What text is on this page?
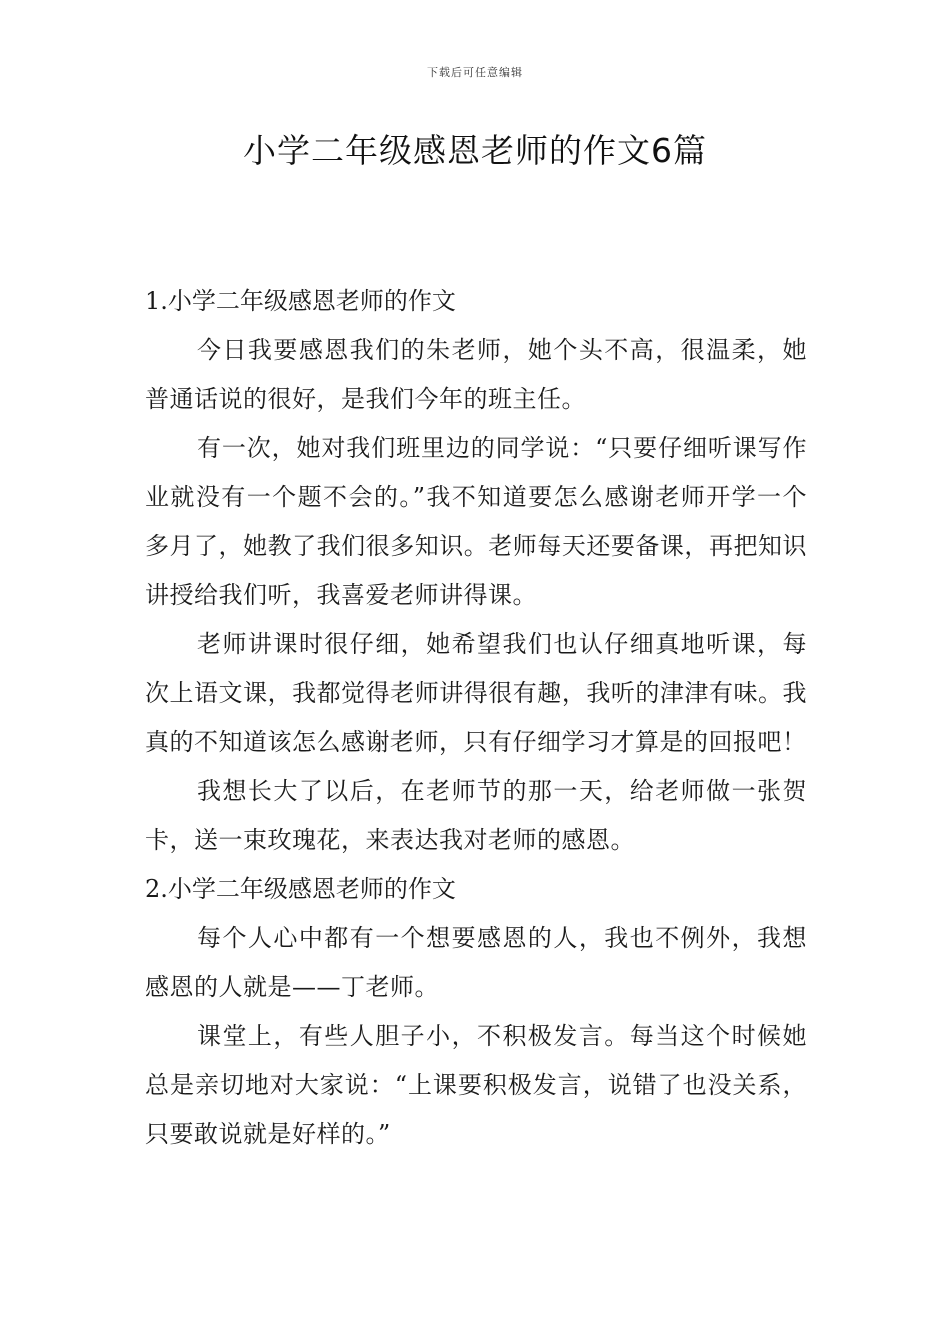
下载后可任意编辑
小学二年级感恩老师的作文6篇
1.小学二年级感恩老师的作文

今日我要感恩我们的朱老师，她个头不高，很温柔，她普通话说的很好，是我们今年的班主任。

有一次，她对我们班里边的同学说：“只要仔细听课写作业就没有一个题不会的。”我不知道要怎么感谢老师开学一个多月了，她教了我们很多知识。老师每天还要备课，再把知识讲授给我们听，我喜爱老师讲得课。

老师讲课时很仔细，她希望我们也认仔细真地听课，每次上语文课，我都觉得老师讲得很有趣，我听的津津有味。我真的不知道该怎么感谢老师，只有仔细学习才算是的回报吧！

我想长大了以后，在老师节的那一天，给老师做一张贺卡，送一束玫瑰花，来表达我对老师的感恩。

2.小学二年级感恩老师的作文

每个人心中都有一个想要感恩的人，我也不例外，我想感恩的人就是——丁老师。

课堂上，有些人胆子小，不积极发言。每当这个时候她总是亲切地对大家说：“上课要积极发言，说错了也没关系，只要敢说就是好样的。”
